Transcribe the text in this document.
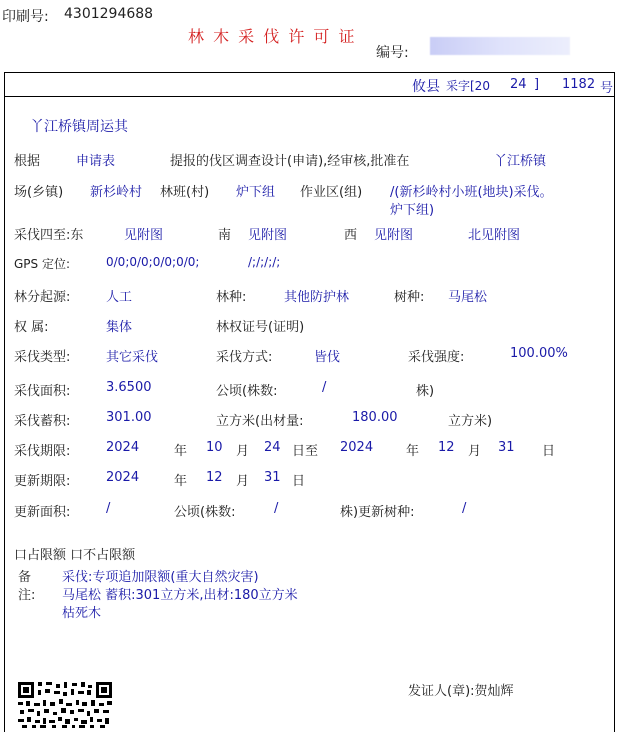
印刷号: 4301294688
林 木 采 伐 许 可 证
编号:
攸县 采字[20 24 ] 1182 号
丫江桥镇周运其
根据	申请表	提报的伐区调查设计(申请),经审核,批准在	丫江桥镇
场(乡镇) 新杉岭村 林班(村) 炉下组 作业区(组) /(新杉岭村小班(地块)采伐。
炉下组)
采伐四至:东	见附图	南 见附图	西 见附图	北见附图
GPS 定位:	0/0;0/0;0/0;0/0;	/;/;/;/;
林分起源:	人工	林种:	其他防护林	树种: 马尾松
权 属:	集体	林权证号(证明)
采伐类型:	其它采伐	采伐方式:	皆伐	采伐强度:	100.00%
采伐面积:	3.6500	公顷(株数:	/	株)
采伐蓄积:	301.00	立方米(出材量:	180.00	立方米)
采伐期限:	2024	年 10 月 24 日至 2024	年 12 月 31 日
更新期限:	2024	年 12 月 31 日
更新面积:	/	公顷(株数:	/	株)更新树种:	/
口占限额 口不占限额
备
注:
采伐:专项追加限额(重大自然灾害)
马尾松 蓄积:301立方米,出材:180立方米
枯死木
发证人(章):贺灿辉
